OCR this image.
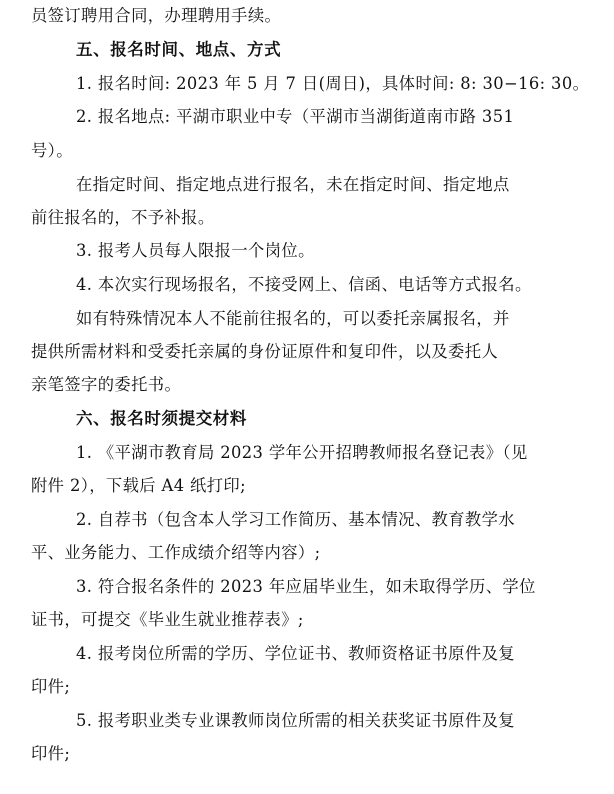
员签订聘用合同，办理聘用手续。
五、报名时间、地点、方式
1. 报名时间: 2023 年 5 月 7 日(周日)，具体时间: 8: 30−16: 30。
2. 报名地点: 平湖市职业中专（平湖市当湖街道南市路 351
号）。
在指定时间、指定地点进行报名，未在指定时间、指定地点
前往报名的，不予补报。
3. 报考人员每人限报一个岗位。
4. 本次实行现场报名，不接受网上、信函、电话等方式报名。
如有特殊情况本人不能前往报名的，可以委托亲属报名，并
提供所需材料和受委托亲属的身份证原件和复印件，以及委托人
亲笔签字的委托书。
六、报名时须提交材料
1. 《平湖市教育局 2023 学年公开招聘教师报名登记表》（见
附件 2），下载后 A4 纸打印;
2. 自荐书（包含本人学习工作简历、基本情况、教育教学水
平、业务能力、工作成绩介绍等内容）;
3. 符合报名条件的 2023 年应届毕业生，如未取得学历、学位
证书，可提交《毕业生就业推荐表》;
4. 报考岗位所需的学历、学位证书、教师资格证书原件及复
印件;
5. 报考职业类专业课教师岗位所需的相关获奖证书原件及复
印件;
